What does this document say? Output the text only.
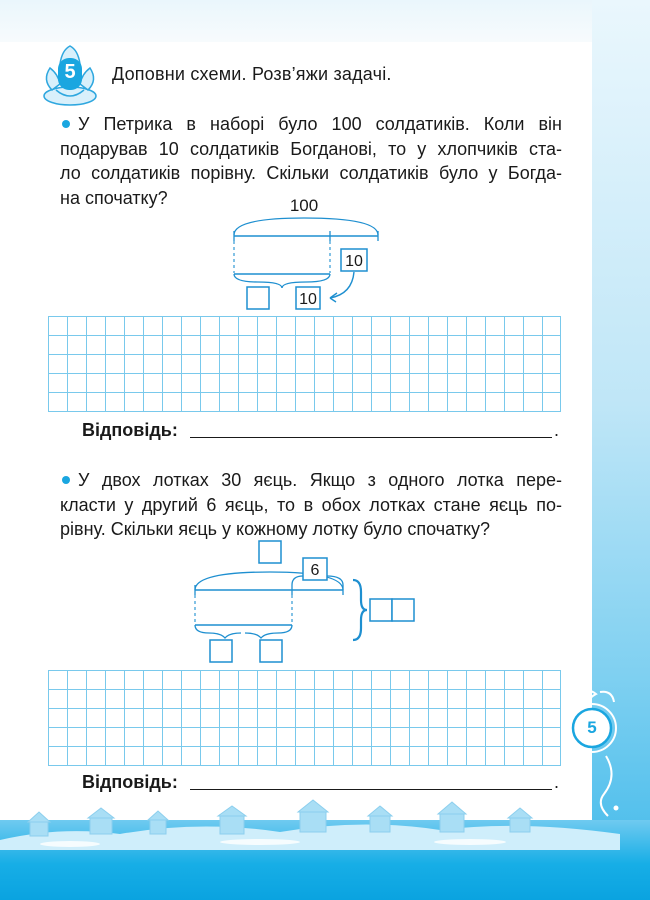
5 Доповни схеми. Розв’яжи задачі.
У Петрика в наборі було 100 солдатиків. Коли він
подарував 10 солдатиків Богданові, то у хлопчиків ста-
ло солдатиків порівну. Скільки солдатиків було у Богда-
на спочатку?	100
10
10
Відповідь:	.
У двох лотках 30 яєць. Якщо з одного лотка пере-
класти у другий 6 яєць, то в обох лотках стане яєць по-
рівну. Скільки яєць у кожному лотку було спочатку?
6
Відповідь:	.
5
